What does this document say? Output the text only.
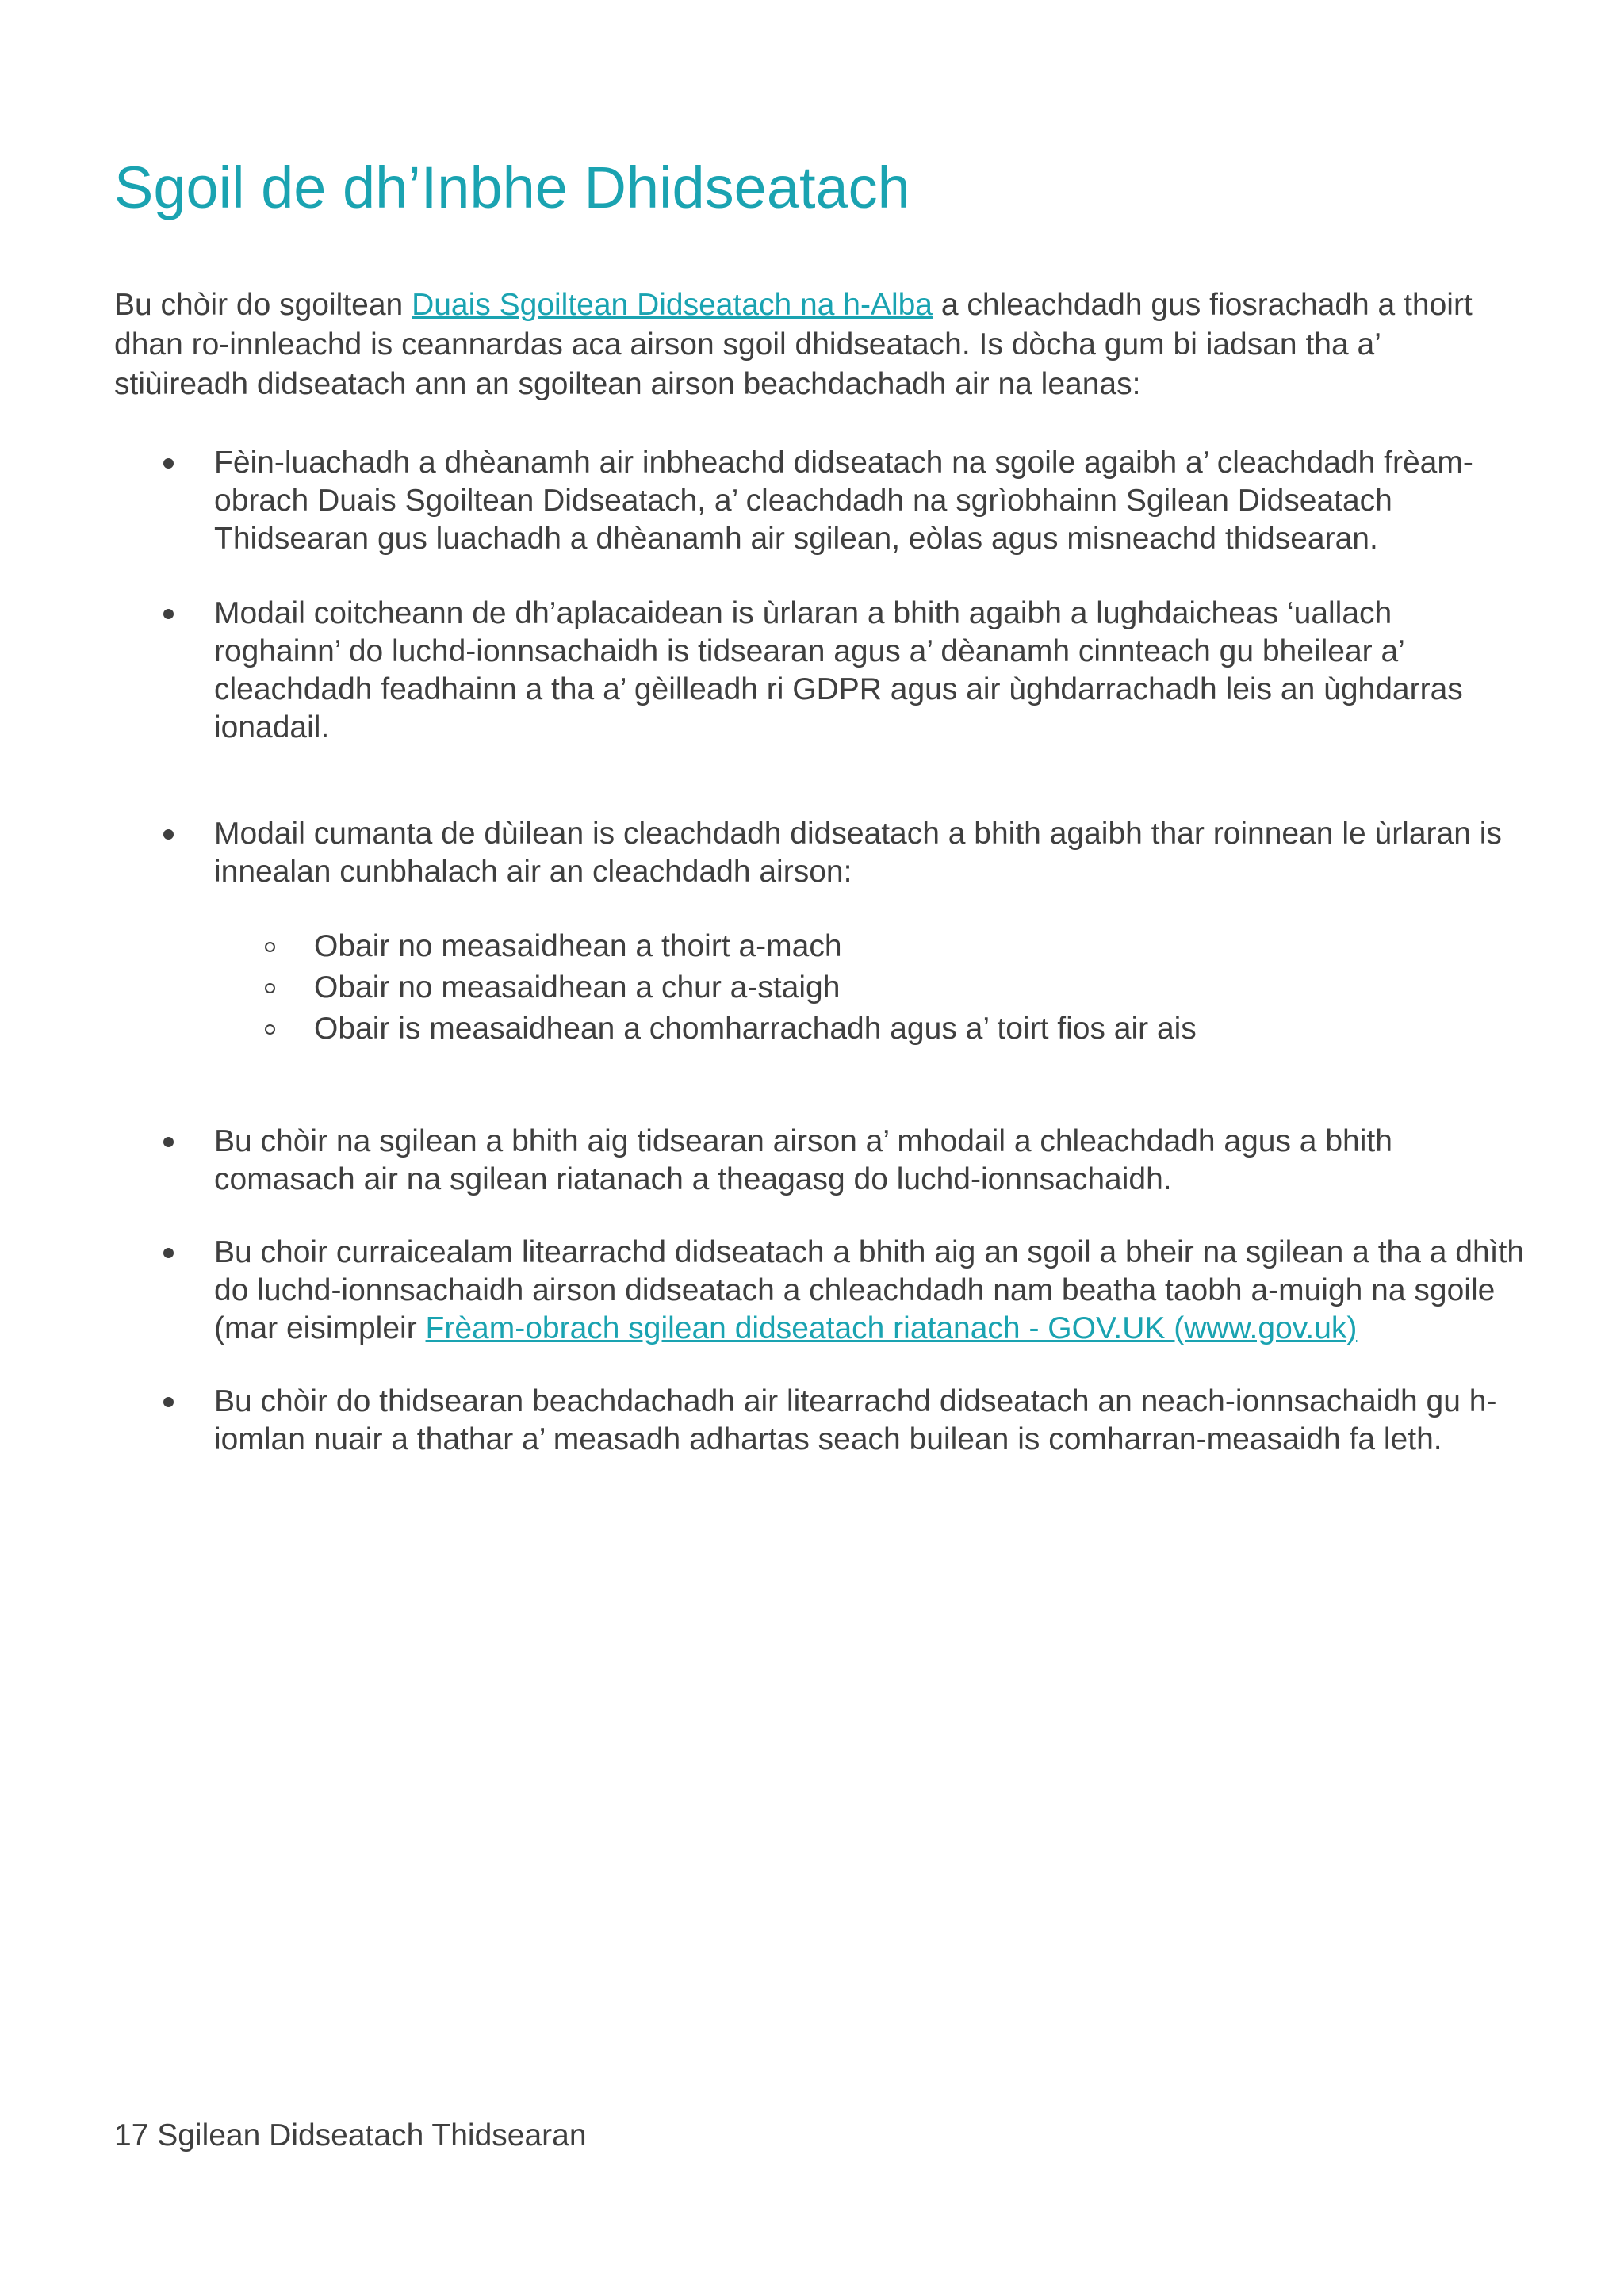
Sgoil de dh’Inbhe Dhidseatach

Bu chòir do sgoiltean Duais Sgoiltean Didseatach na h-Alba a chleachdadh gus fiosrachadh a thoirt dhan ro-innleachd is ceannardas aca airson sgoil dhidseatach. Is dòcha gum bi iadsan tha a’ stiùireadh didseatach ann an sgoiltean airson beachdachadh air na leanas:

Fèin-luachadh a dhèanamh air inbheachd didseatach na sgoile agaibh a’ cleachdadh frèam-obrach Duais Sgoiltean Didseatach, a’ cleachdadh na sgrìobhainn Sgilean Didseatach Thidsearan gus luachadh a dhèanamh air sgilean, eòlas agus misneachd thidsearan.
Modail coitcheann de dh’aplacaidean is ùrlaran a bhith agaibh a lughdaicheas ‘uallach roghainn’ do luchd-ionnsachaidh is tidsearan agus a’ dèanamh cinnteach gu bheilear a’ cleachdadh feadhainn a tha a’ gèilleadh ri GDPR agus air ùghdarrachadh leis an ùghdarras ionadail.
Modail cumanta de dùilean is cleachdadh didseatach a bhith agaibh thar roinnean le ùrlaran is innealan cunbhalach air an cleachdadh airson:
Obair no measaidhean a thoirt a-mach
Obair no measaidhean a chur a-staigh
Obair is measaidhean a chomharrachadh agus a’ toirt fios air ais
Bu chòir na sgilean a bhith aig tidsearan airson a’ mhodail a chleachdadh agus a bhith comasach air na sgilean riatanach a theagasg do luchd-ionnsachaidh.
Bu choir curraicealam litearrachd didseatach a bhith aig an sgoil a bheir na sgilean a tha a dhìth do luchd-ionnsachaidh airson didseatach a chleachdadh nam beatha taobh a-muigh na sgoile (mar eisimpleir Frèam-obrach sgilean didseatach riatanach - GOV.UK (www.gov.uk)
Bu chòir do thidsearan beachdachadh air litearrachd didseatach an neach-ionnsachaidh gu h-iomlan nuair a thathar a’ measadh adhartas seach builean is comharran-measaidh fa leth.

17 Sgilean Didseatach Thidsearan
